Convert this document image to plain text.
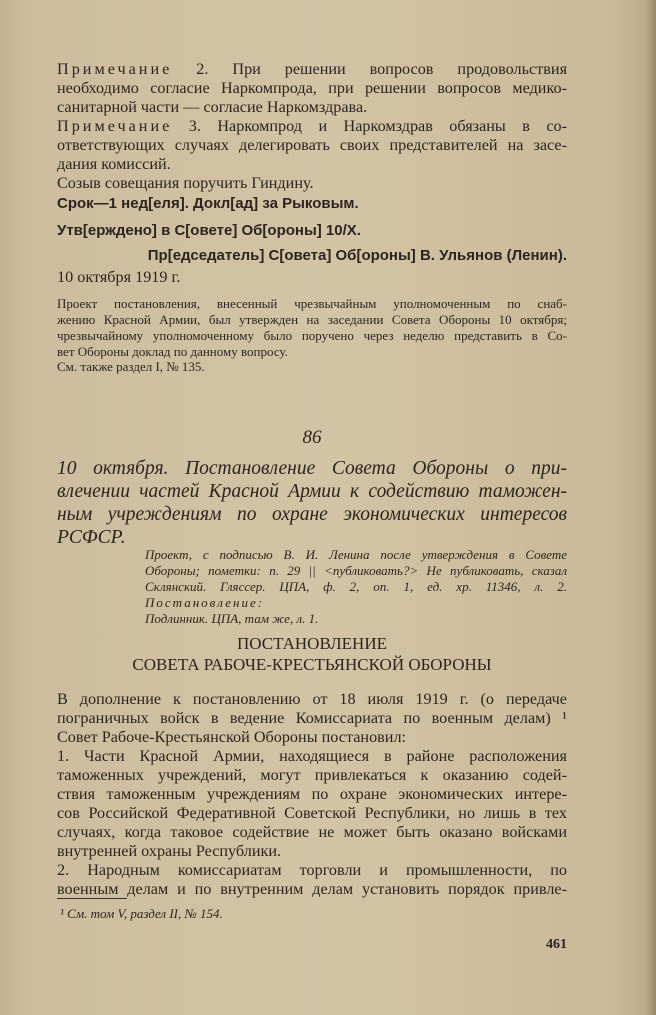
Примечание 2. При решении вопросов продовольствия

необходимо согласие Наркомпрода, при решении вопросов медико-

санитарной части — согласие Наркомздрава.

Примечание 3. Наркомпрод и Наркомздрав обязаны в со-

ответствующих случаях делегировать своих представителей на засе-

дания комиссий.

Созыв совещания поручить Гиндину.

Срок—1 нед[еля]. Докл[ад] за Рыковым.

Утв[ерждено] в С[овете] Об[ороны] 10/X.

Пр[едседатель] С[овета] Об[ороны] В. Ульянов (Ленин).

10 октября 1919 г.

Проект постановления, внесенный чрезвычайным уполномоченным по снаб-

жению Красной Армии, был утвержден на заседании Совета Обороны 10 октября;

чрезвычайному уполномоченному было поручено через неделю представить в Со-

вет Обороны доклад по данному вопросу.

См. также раздел I, № 135.

86

10 октября. Постановление Совета Обороны о при-

влечении частей Красной Армии к содействию таможен-

ным учреждениям по охране экономических интересов

РСФСР.

Проект, с подписью В. И. Ленина после утверждения в Совете

Обороны; пометки: п. 29 || <публиковать?> Не публиковать, сказал

Склянский. Гляссер. ЦПА, ф. 2, оп. 1, ед. хр. 11346, л. 2.

Постановление:

Подлинник. ЦПА, там же, л. 1.

ПОСТАНОВЛЕНИЕ

СОВЕТА РАБОЧЕ-КРЕСТЬЯНСКОЙ ОБОРОНЫ

В дополнение к постановлению от 18 июля 1919 г. (о передаче

пограничных войск в ведение Комиссариата по военным делам) ¹

Совет Рабоче-Крестьянской Обороны постановил:

1. Части Красной Армии, находящиеся в районе расположения

таможенных учреждений, могут привлекаться к оказанию содей-

ствия таможенным учреждениям по охране экономических интере-

сов Российской Федеративной Советской Республики, но лишь в тех

случаях, когда таковое содействие не может быть оказано войсками

внутренней охраны Республики.

2. Народным комиссариатам торговли и промышленности, по

военным делам и по внутренним делам установить порядок привле-

¹ См. том V, раздел II, № 154.

461
